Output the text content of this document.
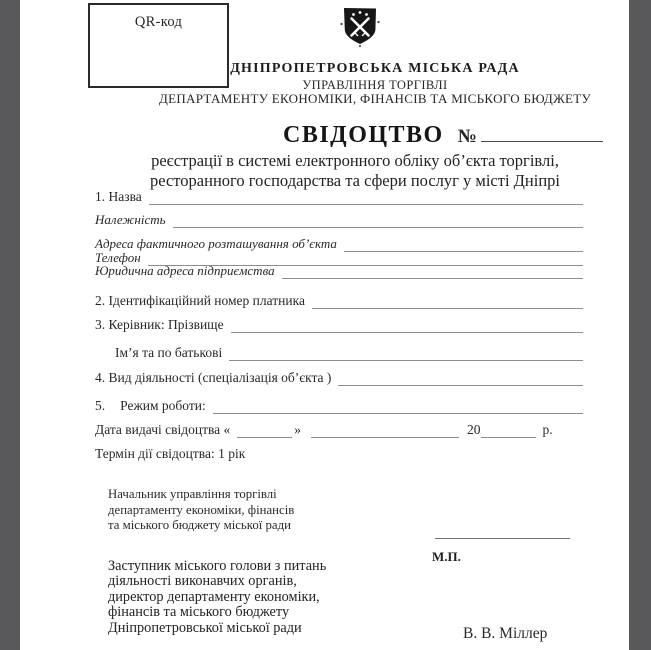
QR-код
ДНІПРОПЕТРОВСЬКА МІСЬКА РАДА
УПРАВЛІННЯ ТОРГІВЛІ
ДЕПАРТАМЕНТУ ЕКОНОМІКИ, ФІНАНСІВ ТА МІСЬКОГО БЮДЖЕТУ
СВІДОЦТВО №
реєстрації в системі електронного обліку об’єкта торгівлі,
ресторанного господарства та сфери послуг у місті Дніпрі
1. Назва
Належність
Адреса фактичного розташування об’єкта
Телефон
Юридична адреса підприємства
2. Ідентифікаційний номер платника
3. Керівник: Прізвище
Ім’я та по батькові
4. Вид діяльності (спеціалізація об’єкта )
5.	Режим роботи:
Дата видачі свідоцтва «	»	20	р.
Термін дії свідоцтва: 1 рік
Начальник управління торгівлі
департаменту економіки, фінансів
та міського бюджету міської ради
М.П.
Заступник міського голови з питань
діяльності виконавчих органів,
директор департаменту економіки,
фінансів та міського бюджету
Дніпропетровської міської ради	В. В. Міллер
